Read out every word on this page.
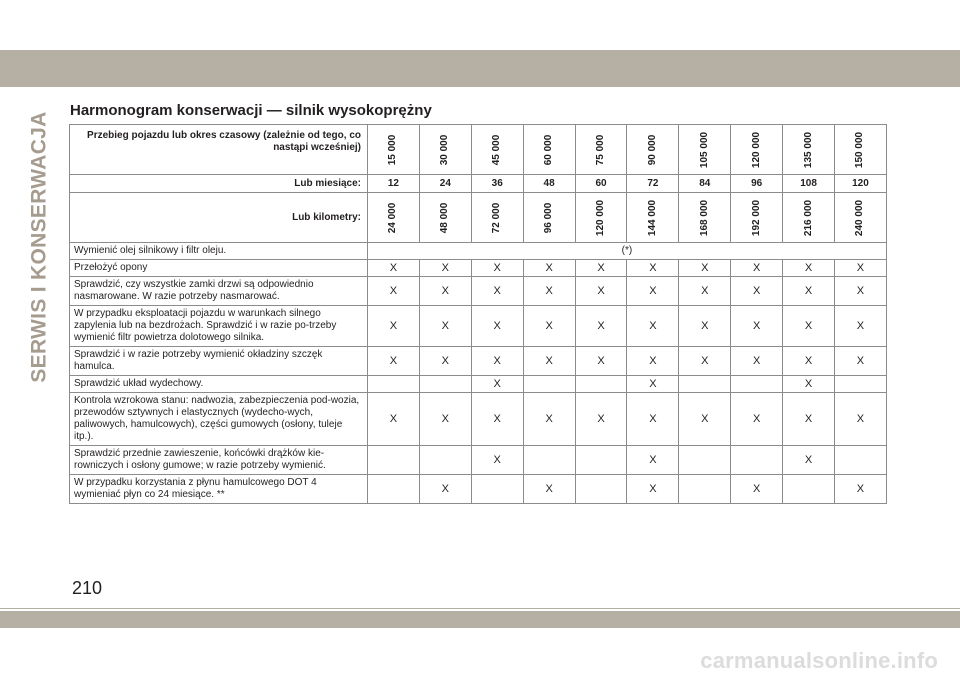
SERWIS I KONSERWACJA
Harmonogram konserwacji — silnik wysokoprężny
Przebieg pojazdu lub okres czasowy (zależnie od tego, co nastąpi wcześniej)	15 000	30 000	45 000	60 000	75 000	90 000	105 000	120 000	135 000	150 000

Lub miesiące:	12	24	36	48	60	72	84	96	108	120
Lub kilometry:	24 000	48 000	72 000	96 000	120 000	144 000	168 000	192 000	216 000	240 000

Wymienić olej silnikowy i filtr oleju.	(*)									
Przełożyć opony	X	X	X	X	X	X	X	X	X	X
Sprawdzić, czy wszystkie zamki drzwi są odpowiednio nasmarowane. W razie potrzeby nasmarować.	X	X	X	X	X	X	X	X	X	X
W przypadku eksploatacji pojazdu w warunkach silnego zapylenia lub na bezdrożach. Sprawdzić i w razie po-trzeby wymienić filtr powietrza dolotowego silnika.	X	X	X	X	X	X	X	X	X	X
Sprawdzić i w razie potrzeby wymienić okładziny szczęk hamulca.	X	X	X	X	X	X	X	X	X	X
Sprawdzić układ wydechowy.			X			X			X	
Kontrola wzrokowa stanu: nadwozia, zabezpieczenia pod-wozia, przewodów sztywnych i elastycznych (wydecho-wych, paliwowych, hamulcowych), części gumowych (osłony, tuleje itp.).	X	X	X	X	X	X	X	X	X	X
Sprawdzić przednie zawieszenie, końcówki drążków kie-rowniczych i osłony gumowe; w razie potrzeby wymienić.			X			X			X	
W przypadku korzystania z płynu hamulcowego DOT 4 wymieniać płyn co 24 miesiące. **		X		X		X		X		X
210
carmanualsonline.info
